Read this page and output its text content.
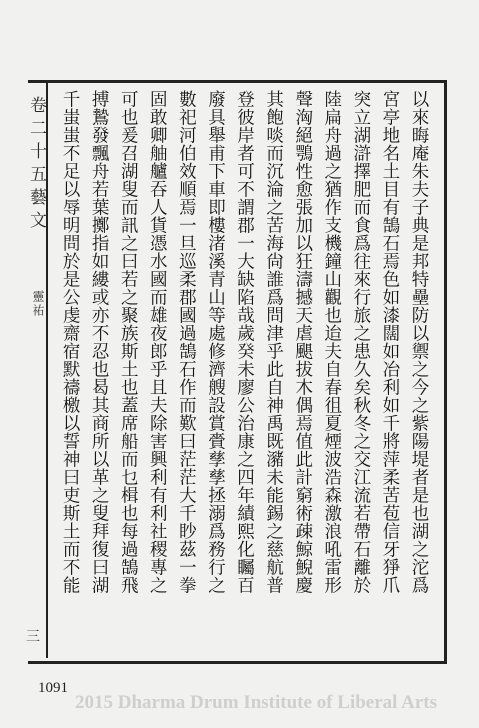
卷二十五藝文
靈祐
三
以來晦庵朱夫子典是邦特壘防以禦之今之紫陽堤者是也湖之沱爲
宮亭地名土目有鵠石焉色如漆闊如冶利如千將萍柔苦苞信牙猙爪
突立湖滸擇肥而食爲往來行旅之患久矣秋冬之交江流若帶石離於
陸扁舟過之猶作支機鐘山觀也迨夫自春徂夏煙波浩森激浪吼雷形
聲洶絕鶚性愈張加以狂濤撼天虐颶拔木偶焉值此計窮術疎鯨鯢慶
其飽啖而沉淪之苦海尙誰爲問津乎此自神禹既瀦未能錫之慈航普
登彼岸者可不謂郡一大缺陷哉歲癸未廖公治康之四年績熙化矚百
廢具舉甫下車即樓渚溪青山等處修濟艘設賞賫孳孳拯溺爲務行之
數祀河伯效順焉一旦巡柔郡國過鵠石作而歎曰茫茫大千眇茲一拳
固敢卿舳艫吞人貨憑水國而雄夜郎乎且夫除害興利有利社稷專之
可也爰召湖叟而訊之曰若之聚族斯土也蓋席船而乜楫也每過鵠飛
搏鷙發飄舟若葉擲指如縷或亦不忍也曷其商所以革之叟拜復曰湖
千蚩蚩不足以辱明問於是公虔齋宿默禱檄以誓神曰吏斯土而不能
1091
2015 Dharma Drum Institute of Liberal Arts
